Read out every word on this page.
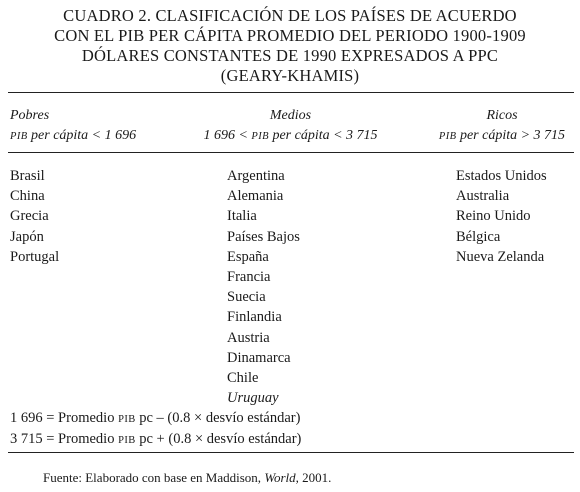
CUADRO 2. CLASIFICACIÓN DE LOS PAÍSES DE ACUERDO
CON EL PIB PER CÁPITA PROMEDIO DEL PERIODO 1900-1909
DÓLARES CONSTANTES DE 1990 EXPRESADOS A PPC
(GEARY-KHAMIS)
Pobres
PIB per cápita < 1 696
Medios
1 696 < PIB per cápita < 3 715
Ricos
PIB per cápita > 3 715
Brasil
China
Grecia
Japón
Portugal
Argentina
Alemania
Italia
Países Bajos
España
Francia
Suecia
Finlandia
Austria
Dinamarca
Chile
Uruguay
Estados Unidos
Australia
Reino Unido
Bélgica
Nueva Zelanda
1 696 = Promedio PIB pc – (0.8 × desvío estándar)
3 715 = Promedio PIB pc + (0.8 × desvío estándar)
Fuente: Elaborado con base en Maddison, World, 2001.
